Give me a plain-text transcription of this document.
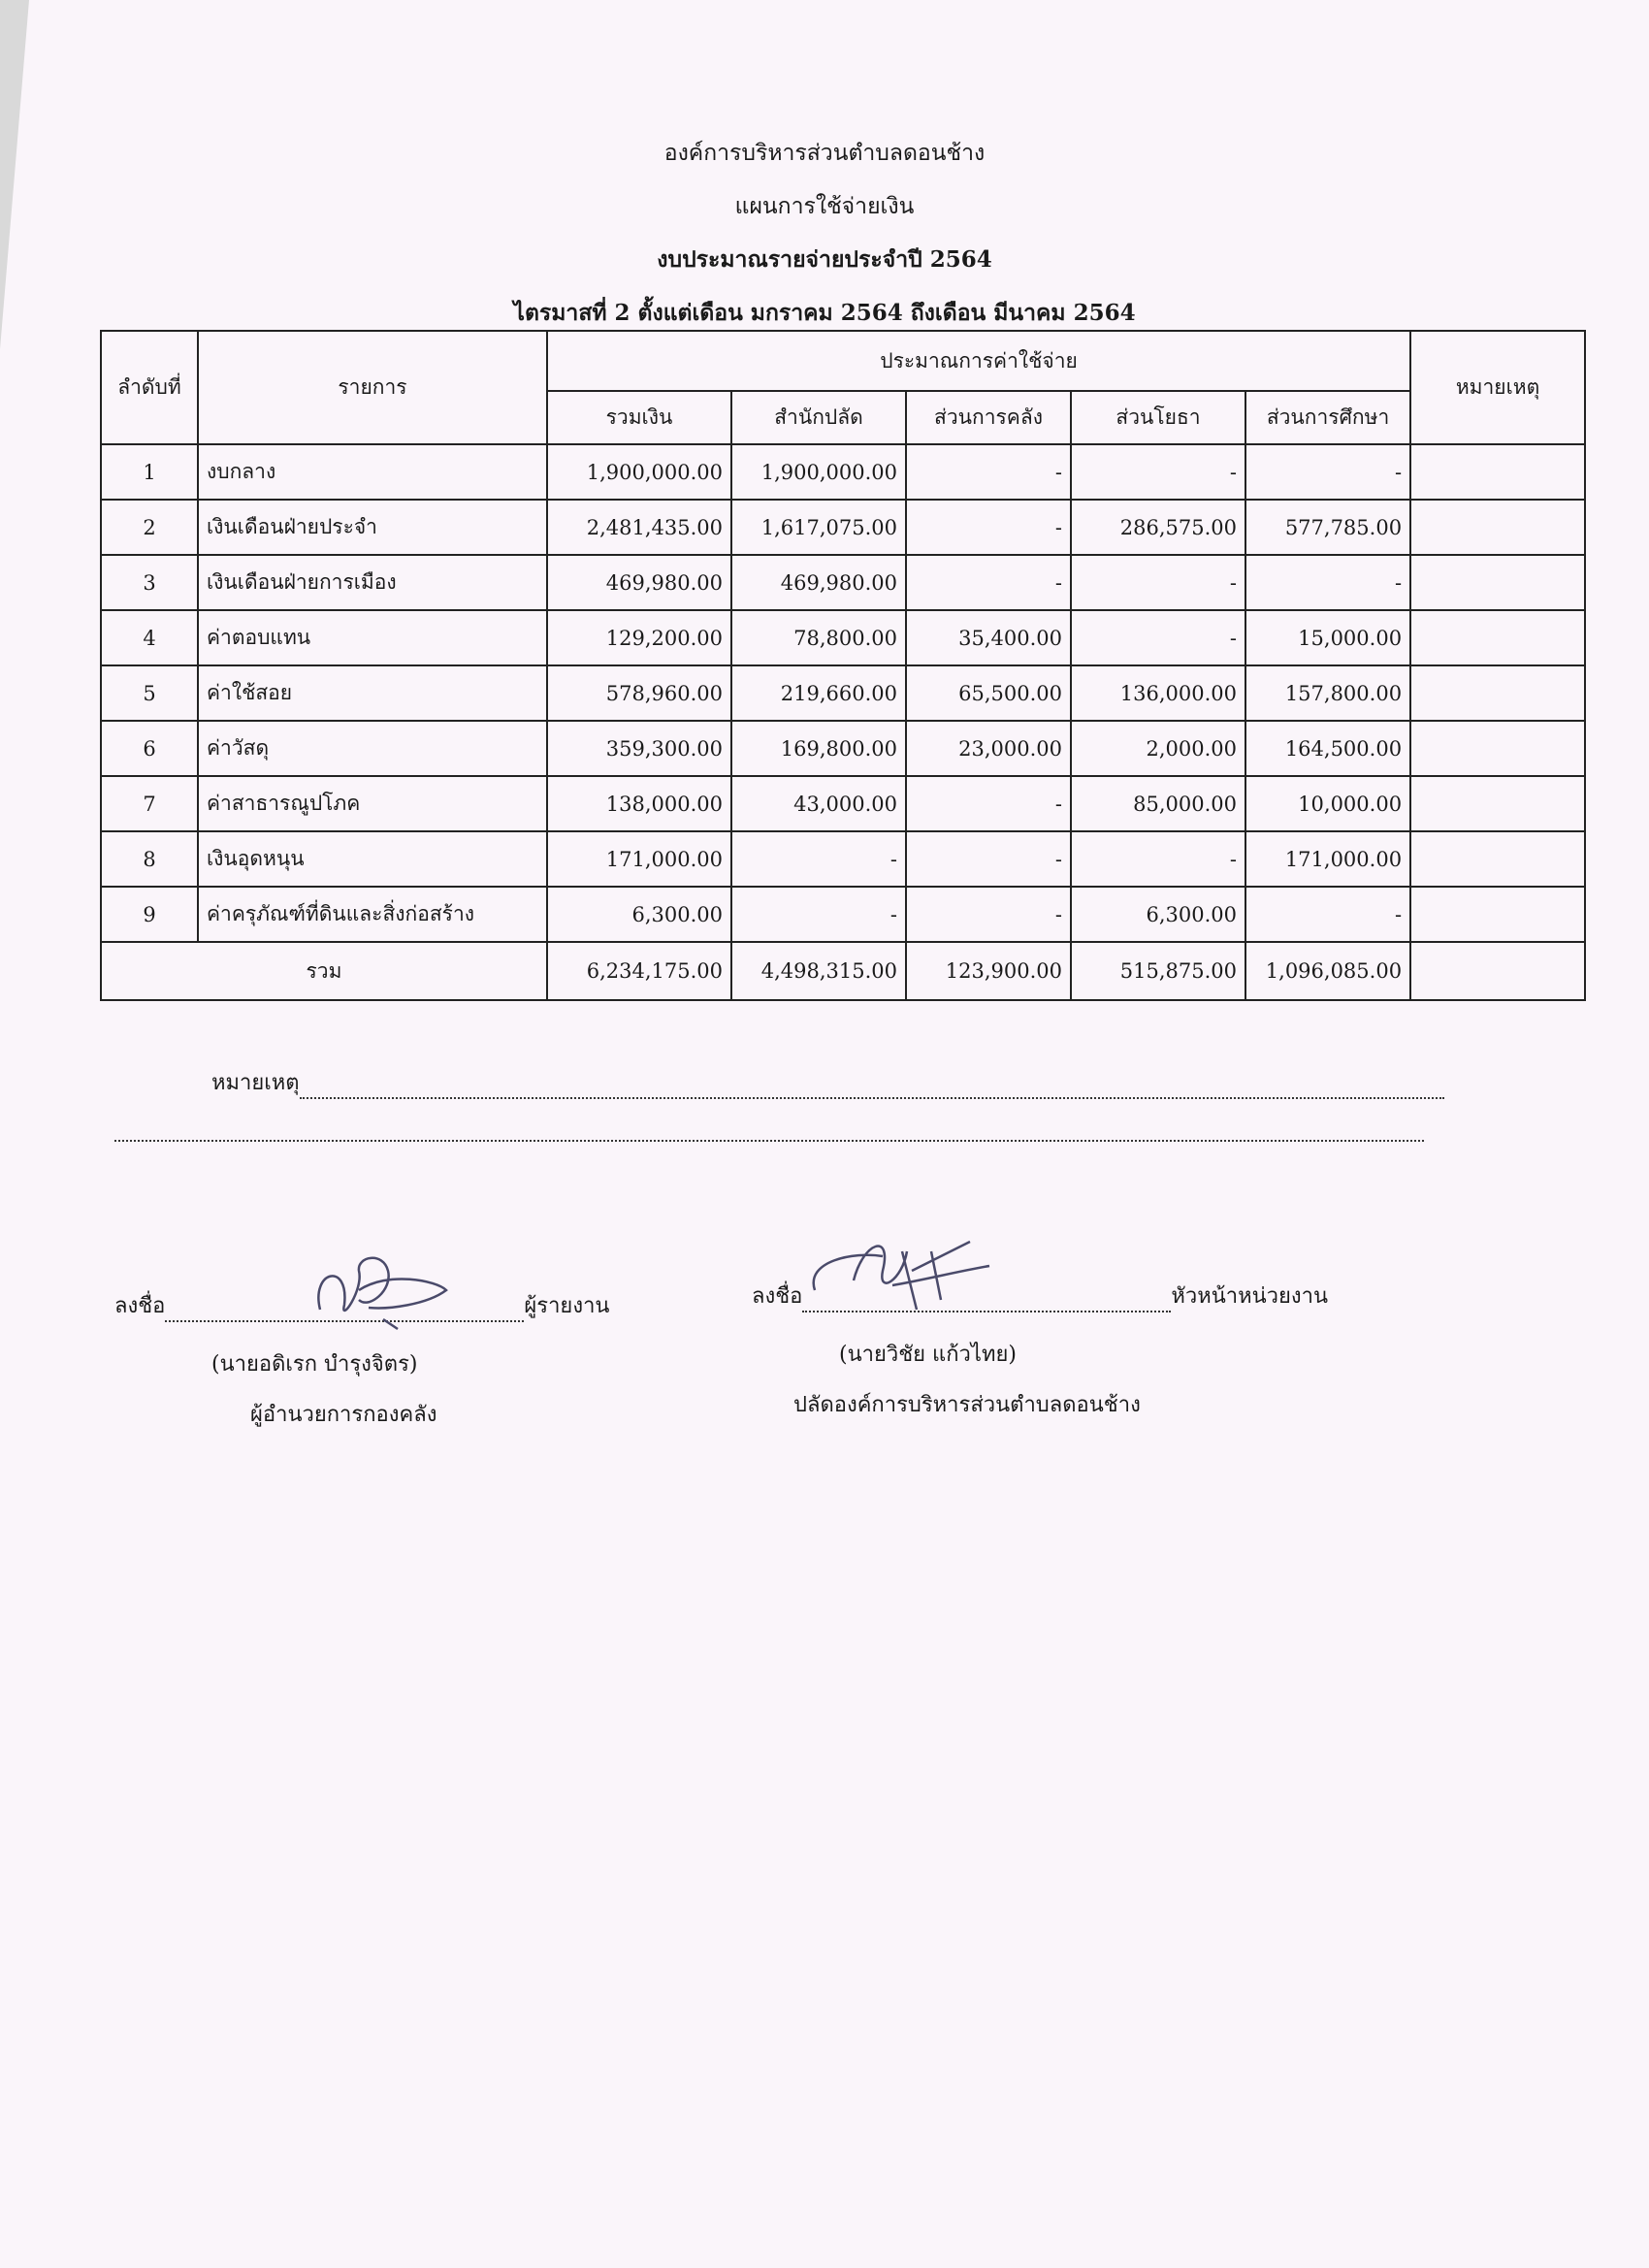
องค์การบริหารส่วนตำบลดอนช้าง
แผนการใช้จ่ายเงิน
งบประมาณรายจ่ายประจำปี 2564
ไตรมาสที่ 2 ตั้งแต่เดือน มกราคม 2564 ถึงเดือน มีนาคม 2564
ลำดับที่	รายการ	ประมาณการค่าใช้จ่าย					หมายเหตุ
		รวมเงิน	สำนักปลัด	ส่วนการคลัง	ส่วนโยธา	ส่วนการศึกษา	
1	งบกลาง	1,900,000.00	1,900,000.00	-	-	-	
2	เงินเดือนฝ่ายประจำ	2,481,435.00	1,617,075.00	-	286,575.00	577,785.00	
3	เงินเดือนฝ่ายการเมือง	469,980.00	469,980.00	-	-	-	
4	ค่าตอบแทน	129,200.00	78,800.00	35,400.00	-	15,000.00	
5	ค่าใช้สอย	578,960.00	219,660.00	65,500.00	136,000.00	157,800.00	
6	ค่าวัสดุ	359,300.00	169,800.00	23,000.00	2,000.00	164,500.00	
7	ค่าสาธารณูปโภค	138,000.00	43,000.00	-	85,000.00	10,000.00	
8	เงินอุดหนุน	171,000.00	-	-	-	171,000.00	
9	ค่าครุภัณฑ์ที่ดินและสิ่งก่อสร้าง	6,300.00	-	-	6,300.00	-	
รวม		6,234,175.00	4,498,315.00	123,900.00	515,875.00	1,096,085.00	
หมายเหตุ
ลงชื่อ	ผู้รายงาน
(นายอดิเรก บำรุงจิตร)
ผู้อำนวยการกองคลัง
ลงชื่อ	หัวหน้าหน่วยงาน
(นายวิชัย แก้วไทย)
ปลัดองค์การบริหารส่วนตำบลดอนช้าง
